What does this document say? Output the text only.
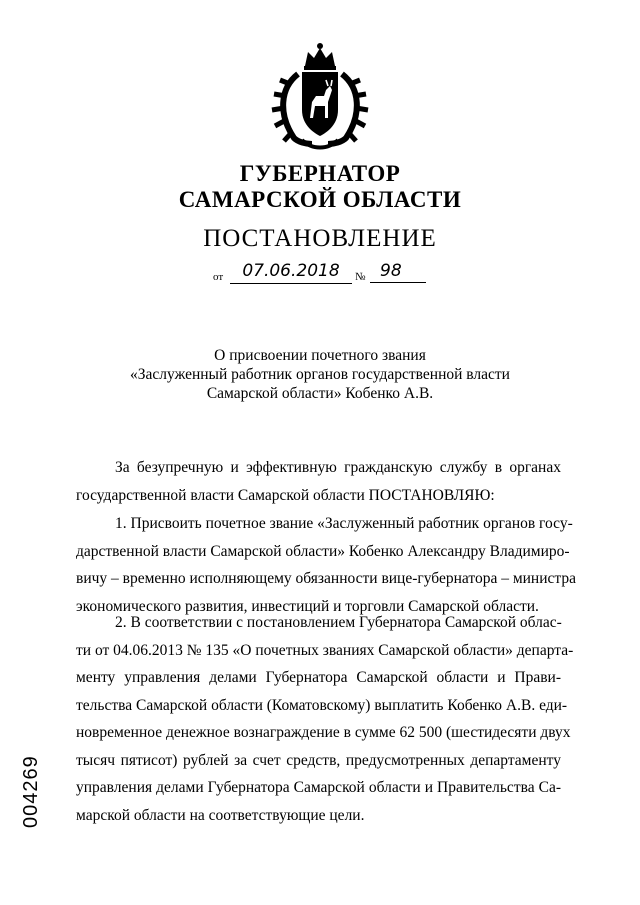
ГУБЕРНАТОР
САМАРСКОЙ ОБЛАСТИ
ПОСТАНОВЛЕНИЕ
от	07.06.2018	№ 98
О присвоении почетного звания
«Заслуженный работник органов государственной власти
Самарской области» Кобенко А.В.
За безупречную и эффективную гражданскую службу в органах
государственной власти Самарской области ПОСТАНОВЛЯЮ:
1. Присвоить почетное звание «Заслуженный работник органов госу-
дарственной власти Самарской области» Кобенко Александру Владимиро-
вичу – временно исполняющему обязанности вице-губернатора – министра
экономического развития, инвестиций и торговли Самарской области.
2. В соответствии с постановлением Губернатора Самарской облас-
ти от 04.06.2013 № 135 «О почетных званиях Самарской области» департа-
менту управления делами Губернатора Самарской области и Прави-
тельства Самарской области (Коматовскому) выплатить Кобенко А.В. еди-
новременное денежное вознаграждение в сумме 62 500 (шестидесяти двух
тысяч пятисот) рублей за счет средств, предусмотренных департаменту
управления делами Губернатора Самарской области и Правительства Са-
марской области на соответствующие цели.
004269
